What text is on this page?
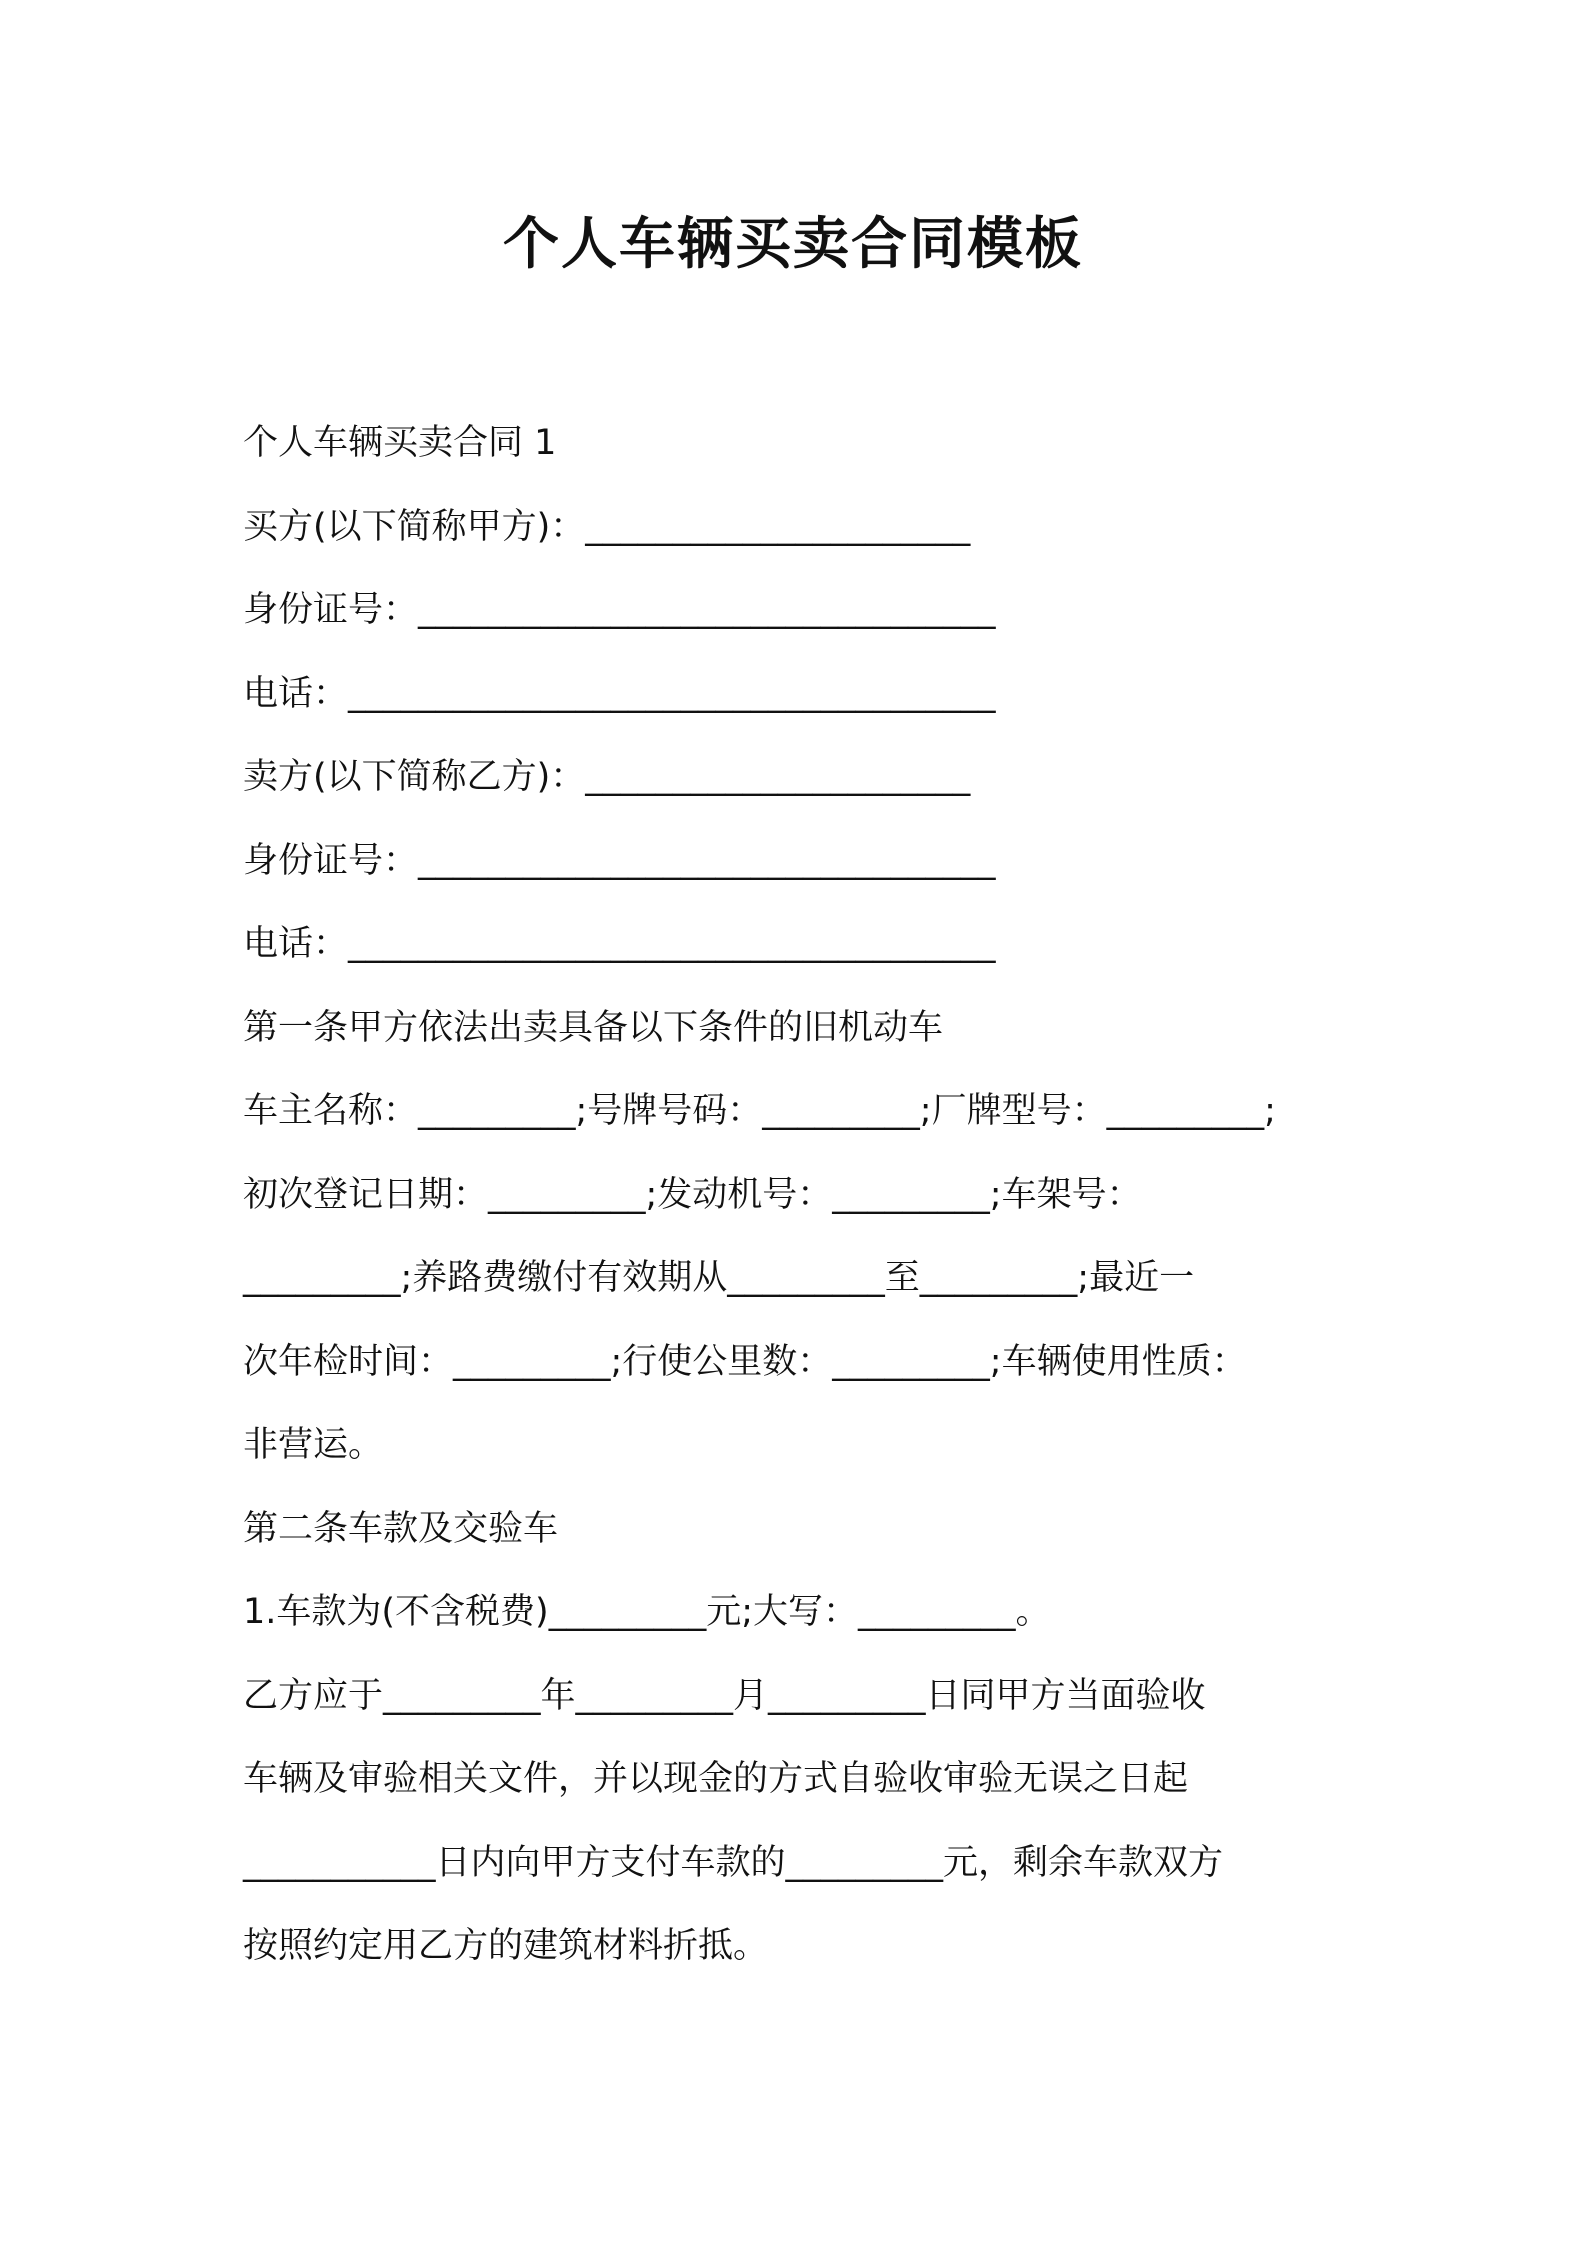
个人车辆买卖合同模板
个人车辆买卖合同 1
买方(以下简称甲方)：______________________
身份证号：_________________________________
电话：_____________________________________
卖方(以下简称乙方)：______________________
身份证号：_________________________________
电话：_____________________________________
第一条甲方依法出卖具备以下条件的旧机动车
车主名称：_________;号牌号码：_________;厂牌型号：_________;
初次登记日期：_________;发动机号：_________;车架号：
_________;养路费缴付有效期从_________至_________;最近一
次年检时间：_________;行使公里数：_________;车辆使用性质：
非营运。
第二条车款及交验车
1.车款为(不含税费)_________元;大写：_________。
乙方应于_________年_________月_________日同甲方当面验收
车辆及审验相关文件，并以现金的方式自验收审验无误之日起
___________日内向甲方支付车款的_________元，剩余车款双方
按照约定用乙方的建筑材料折抵。
